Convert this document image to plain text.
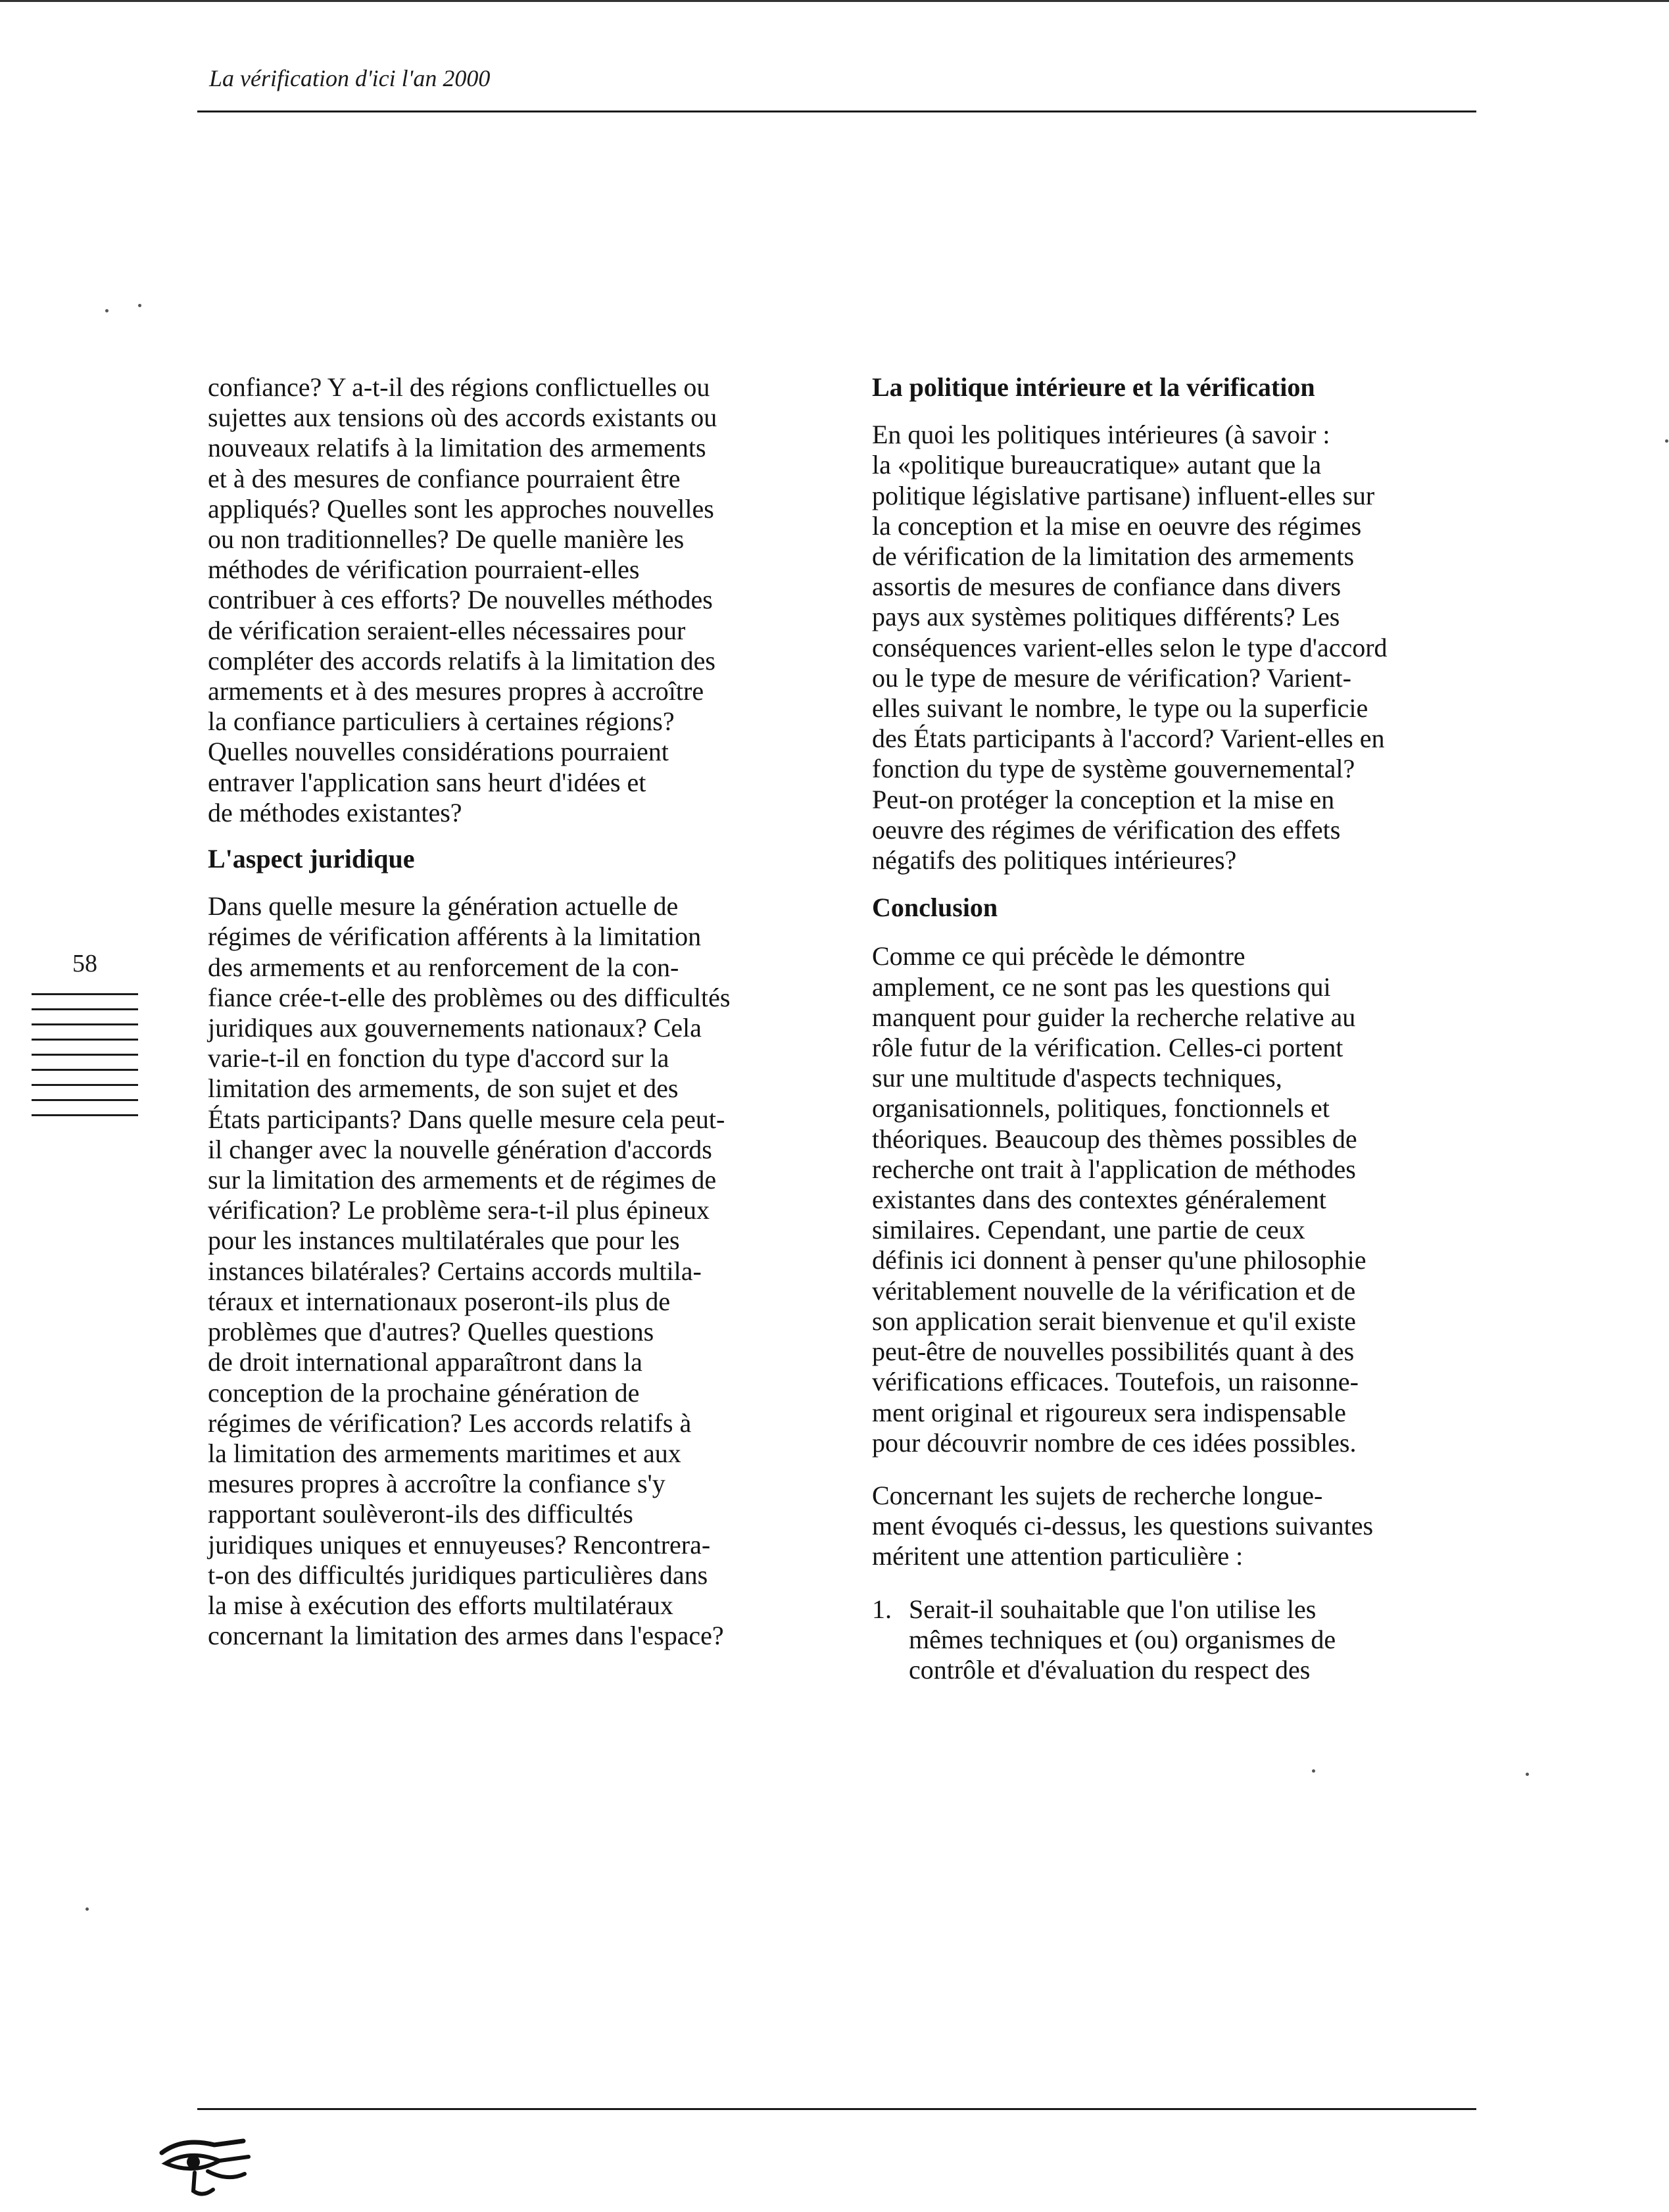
La vérification d'ici l'an 2000
58

confiance? Y a-t-il des régions conflictuelles ou
sujettes aux tensions où des accords existants ou
nouveaux relatifs à la limitation des armements
et à des mesures de confiance pourraient être
appliqués? Quelles sont les approches nouvelles
ou non traditionnelles? De quelle manière les
méthodes de vérification pourraient-elles
contribuer à ces efforts? De nouvelles méthodes
de vérification seraient-elles nécessaires pour
compléter des accords relatifs à la limitation des
armements et à des mesures propres à accroître
la confiance particuliers à certaines régions?
Quelles nouvelles considérations pourraient
entraver l'application sans heurt d'idées et
de méthodes existantes?

L'aspect juridique

Dans quelle mesure la génération actuelle de
régimes de vérification afférents à la limitation
des armements et au renforcement de la con-
fiance crée-t-elle des problèmes ou des difficultés
juridiques aux gouvernements nationaux? Cela
varie-t-il en fonction du type d'accord sur la
limitation des armements, de son sujet et des
États participants? Dans quelle mesure cela peut-
il changer avec la nouvelle génération d'accords
sur la limitation des armements et de régimes de
vérification? Le problème sera-t-il plus épineux
pour les instances multilatérales que pour les
instances bilatérales? Certains accords multila-
téraux et internationaux poseront-ils plus de
problèmes que d'autres? Quelles questions
de droit international apparaîtront dans la
conception de la prochaine génération de
régimes de vérification? Les accords relatifs à
la limitation des armements maritimes et aux
mesures propres à accroître la confiance s'y
rapportant soulèveront-ils des difficultés
juridiques uniques et ennuyeuses? Rencontrera-
t-on des difficultés juridiques particulières dans
la mise à exécution des efforts multilatéraux
concernant la limitation des armes dans l'espace?

La politique intérieure et la vérification

En quoi les politiques intérieures (à savoir :
la «politique bureaucratique» autant que la
politique législative partisane) influent-elles sur
la conception et la mise en oeuvre des régimes
de vérification de la limitation des armements
assortis de mesures de confiance dans divers
pays aux systèmes politiques différents? Les
conséquences varient-elles selon le type d'accord
ou le type de mesure de vérification? Varient-
elles suivant le nombre, le type ou la superficie
des États participants à l'accord? Varient-elles en
fonction du type de système gouvernemental?
Peut-on protéger la conception et la mise en
oeuvre des régimes de vérification des effets
négatifs des politiques intérieures?

Conclusion

Comme ce qui précède le démontre
amplement, ce ne sont pas les questions qui
manquent pour guider la recherche relative au
rôle futur de la vérification. Celles-ci portent
sur une multitude d'aspects techniques,
organisationnels, politiques, fonctionnels et
théoriques. Beaucoup des thèmes possibles de
recherche ont trait à l'application de méthodes
existantes dans des contextes généralement
similaires. Cependant, une partie de ceux
définis ici donnent à penser qu'une philosophie
véritablement nouvelle de la vérification et de
son application serait bienvenue et qu'il existe
peut-être de nouvelles possibilités quant à des
vérifications efficaces. Toutefois, un raisonne-
ment original et rigoureux sera indispensable
pour découvrir nombre de ces idées possibles.

Concernant les sujets de recherche longue-
ment évoqués ci-dessus, les questions suivantes
méritent une attention particulière :

1. Serait-il souhaitable que l'on utilise les
mêmes techniques et (ou) organismes de
contrôle et d'évaluation du respect des
